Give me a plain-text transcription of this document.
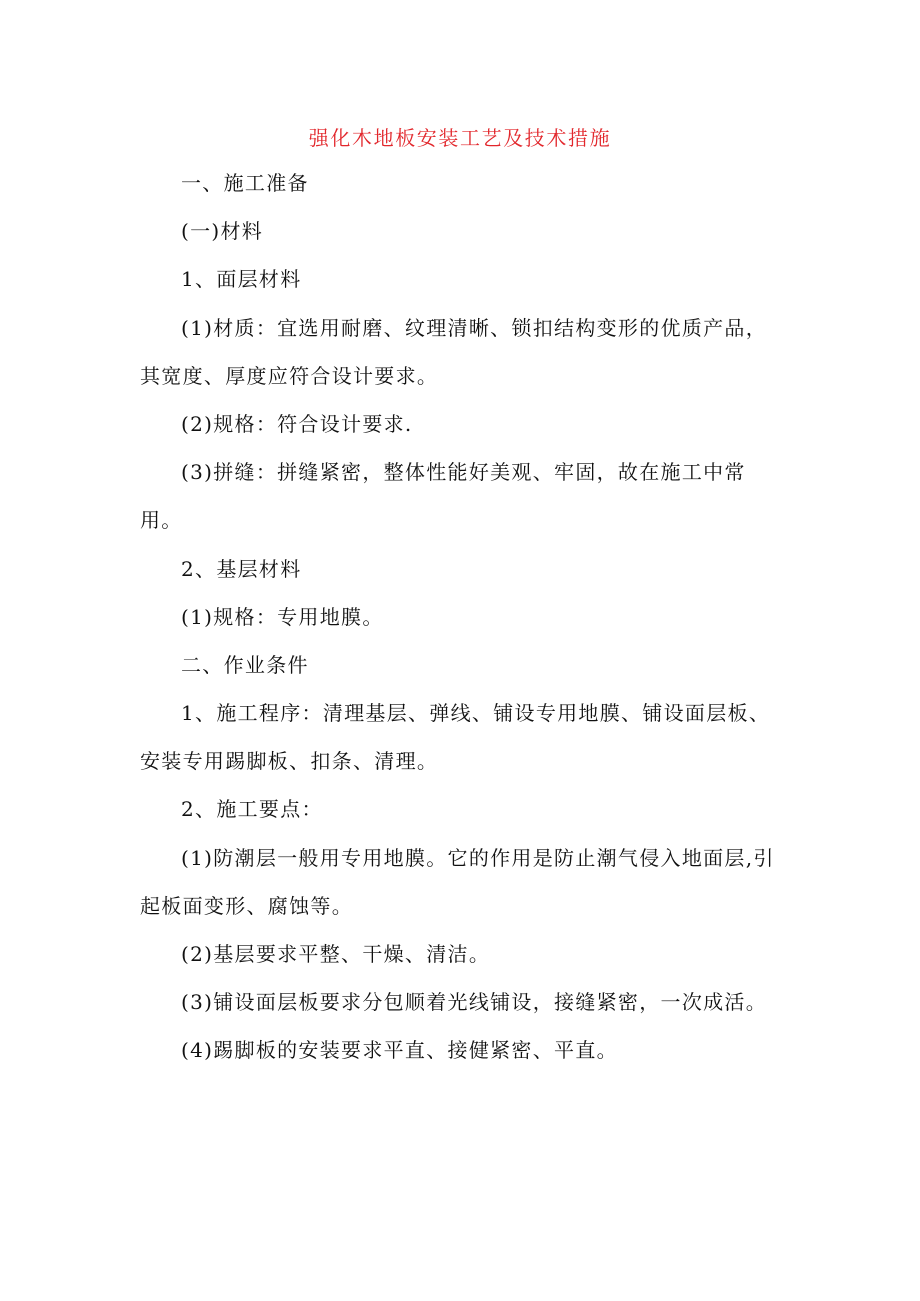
强化木地板安装工艺及技术措施
一、施工准备
(一)材料
1、面层材料
(1)材质：宜选用耐磨、纹理清晰、锁扣结构变形的优质产品，
其宽度、厚度应符合设计要求。
(2)规格：符合设计要求.
(3)拼缝：拼缝紧密，整体性能好美观、牢固，故在施工中常
用。
2、基层材料
(1)规格：专用地膜。
二、作业条件
1、施工程序：清理基层、弹线、铺设专用地膜、铺设面层板、
安装专用踢脚板、扣条、清理。
2、施工要点：
(1)防潮层一般用专用地膜。它的作用是防止潮气侵入地面层,引
起板面变形、腐蚀等。
(2)基层要求平整、干燥、清洁。
(3)铺设面层板要求分包顺着光线铺设，接缝紧密，一次成活。
(4)踢脚板的安装要求平直、接健紧密、平直。
